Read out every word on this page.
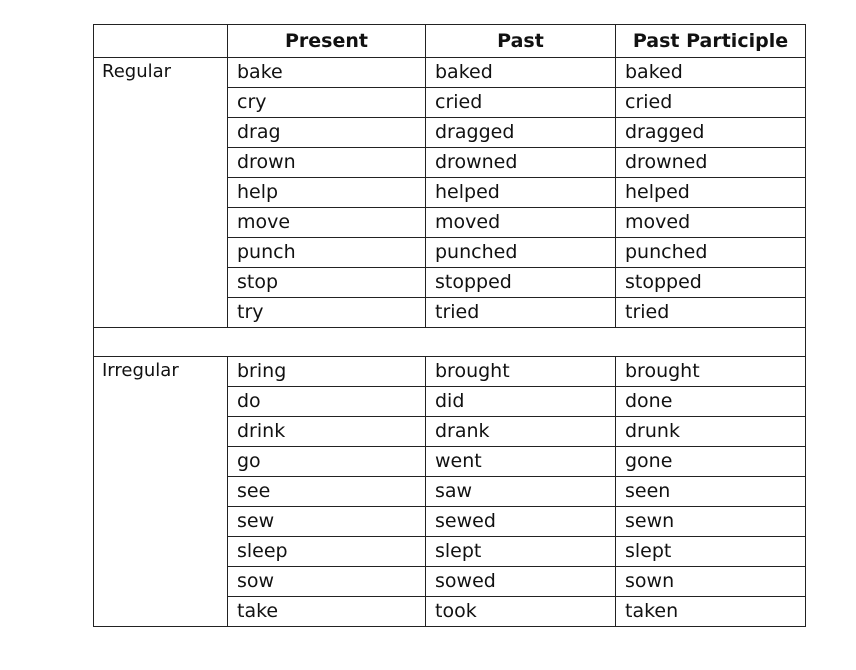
	Present	Past	Past Participle
Regular	bake	baked	baked
	cry	cried	cried
	drag	dragged	dragged
	drown	drowned	drowned
	help	helped	helped
	move	moved	moved
	punch	punched	punched
	stop	stopped	stopped
	try	tried	tried

Irregular	bring	brought	brought
	do	did	done
	drink	drank	drunk
	go	went	gone
	see	saw	seen
	sew	sewed	sewn
	sleep	slept	slept
	sow	sowed	sown
	take	took	taken
